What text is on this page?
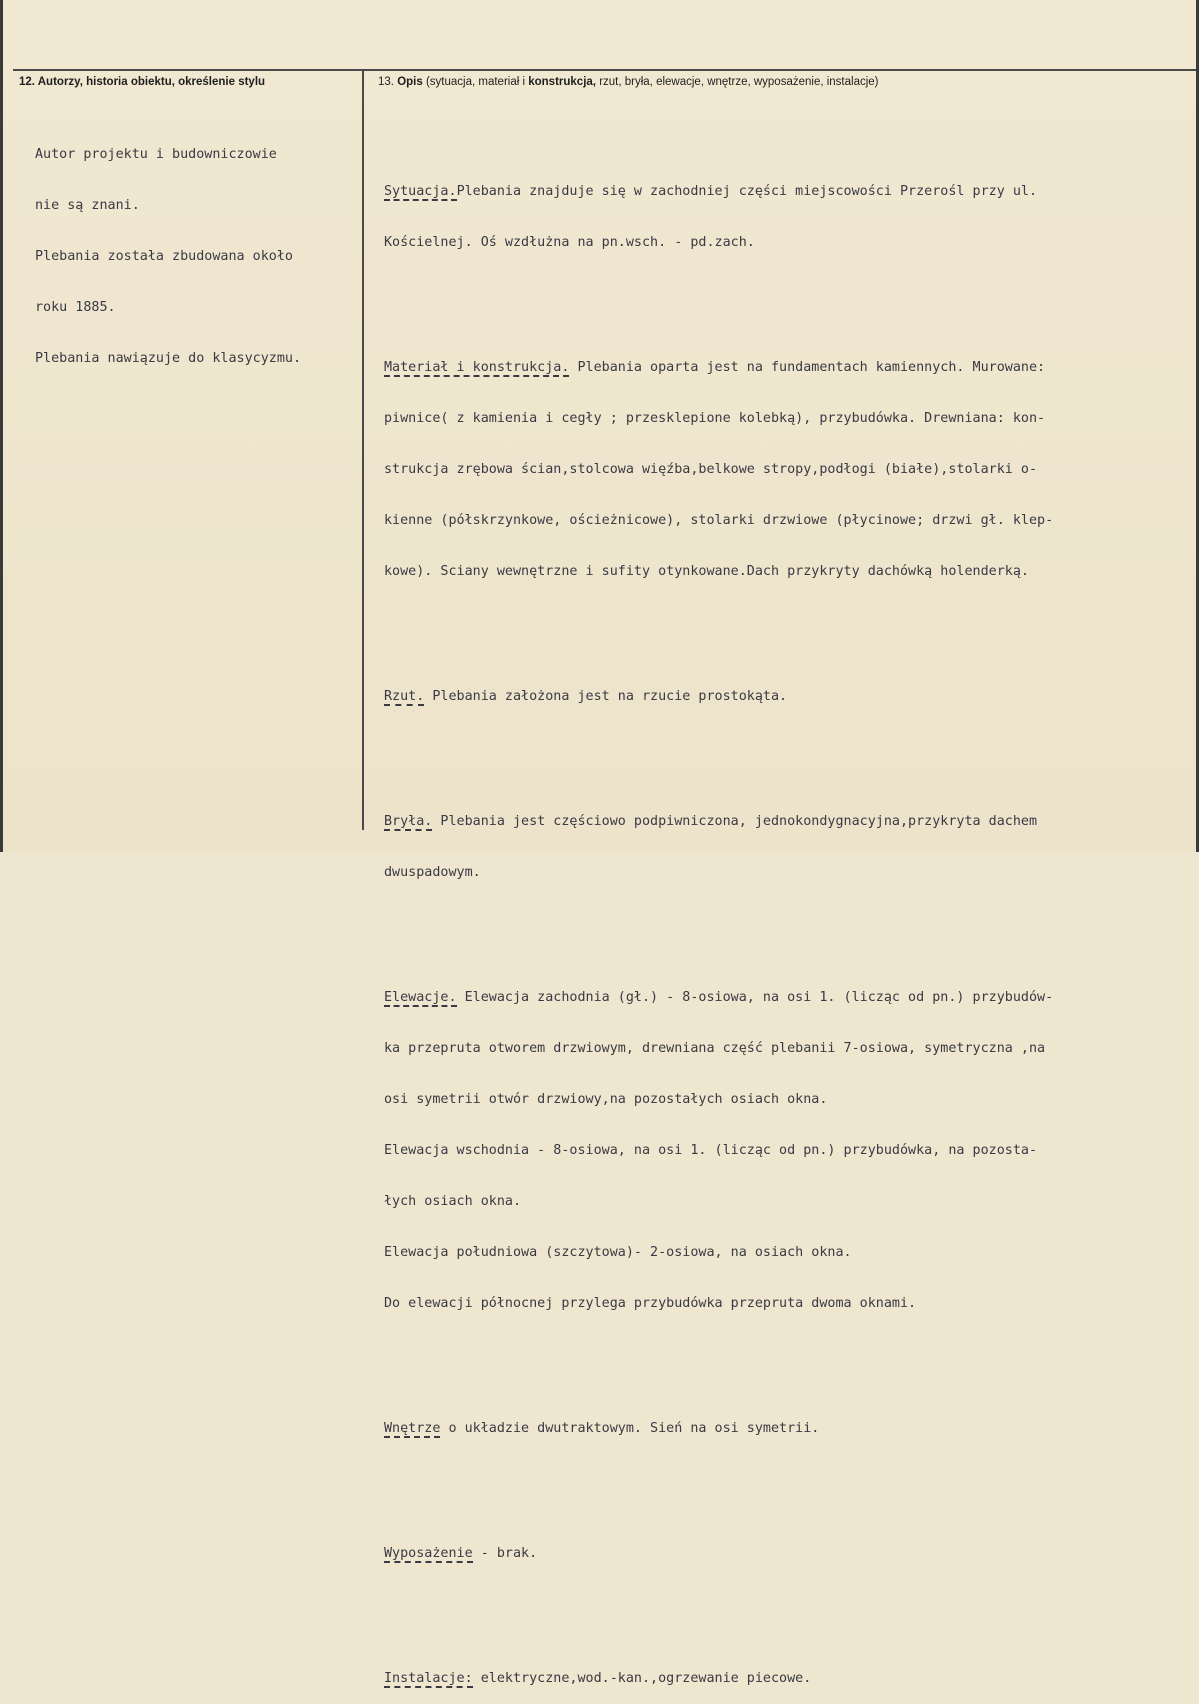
12. Autorzy, historia obiektu, określenie stylu	13. Opis (sytuacja, materiał i konstrukcja, rzut, bryła, elewacje, wnętrze, wyposażenie, instalacje)

Autor projektu i budowniczowie

nie są znani.

Plebania została zbudowana około

roku 1885.

Plebania nawiązuje do klasycyzmu.

Sytuacja.Plebania znajduje się w zachodniej części miejscowości Przerośl przy ul.

Kościelnej. Oś wzdłużna na pn.wsch. - pd.zach.

Materiał i konstrukcja. Plebania oparta jest na fundamentach kamiennych. Murowane:

piwnice( z kamienia i cegły ; przesklepione kolebką), przybudówka. Drewniana: kon-

strukcja zrębowa ścian,stolcowa więźba,belkowe stropy,podłogi (białe),stolarki o-

kienne (półskrzynkowe, ościeżnicowe), stolarki drzwiowe (płycinowe; drzwi gł. klep-

kowe). Sciany wewnętrzne i sufity otynkowane.Dach przykryty dachówką holenderką.

Rzut. Plebania założona jest na rzucie prostokąta.

Bryła. Plebania jest częściowo podpiwniczona, jednokondygnacyjna,przykryta dachem

dwuspadowym.

Elewacje. Elewacja zachodnia (gł.) - 8-osiowa, na osi 1. (licząc od pn.) przybudów-

ka przepruta otworem drzwiowym, drewniana część plebanii 7-osiowa, symetryczna ,na

osi symetrii otwór drzwiowy,na pozostałych osiach okna.

Elewacja wschodnia - 8-osiowa, na osi 1. (licząc od pn.) przybudówka, na pozosta-

łych osiach okna.

Elewacja południowa (szczytowa)- 2-osiowa, na osiach okna.

Do elewacji północnej przylega przybudówka przepruta dwoma oknami.

Wnętrze o układzie dwutraktowym. Sień na osi symetrii.

Wyposażenie - brak.

Instalacje: elektryczne,wod.-kan.,ogrzewanie piecowe.
